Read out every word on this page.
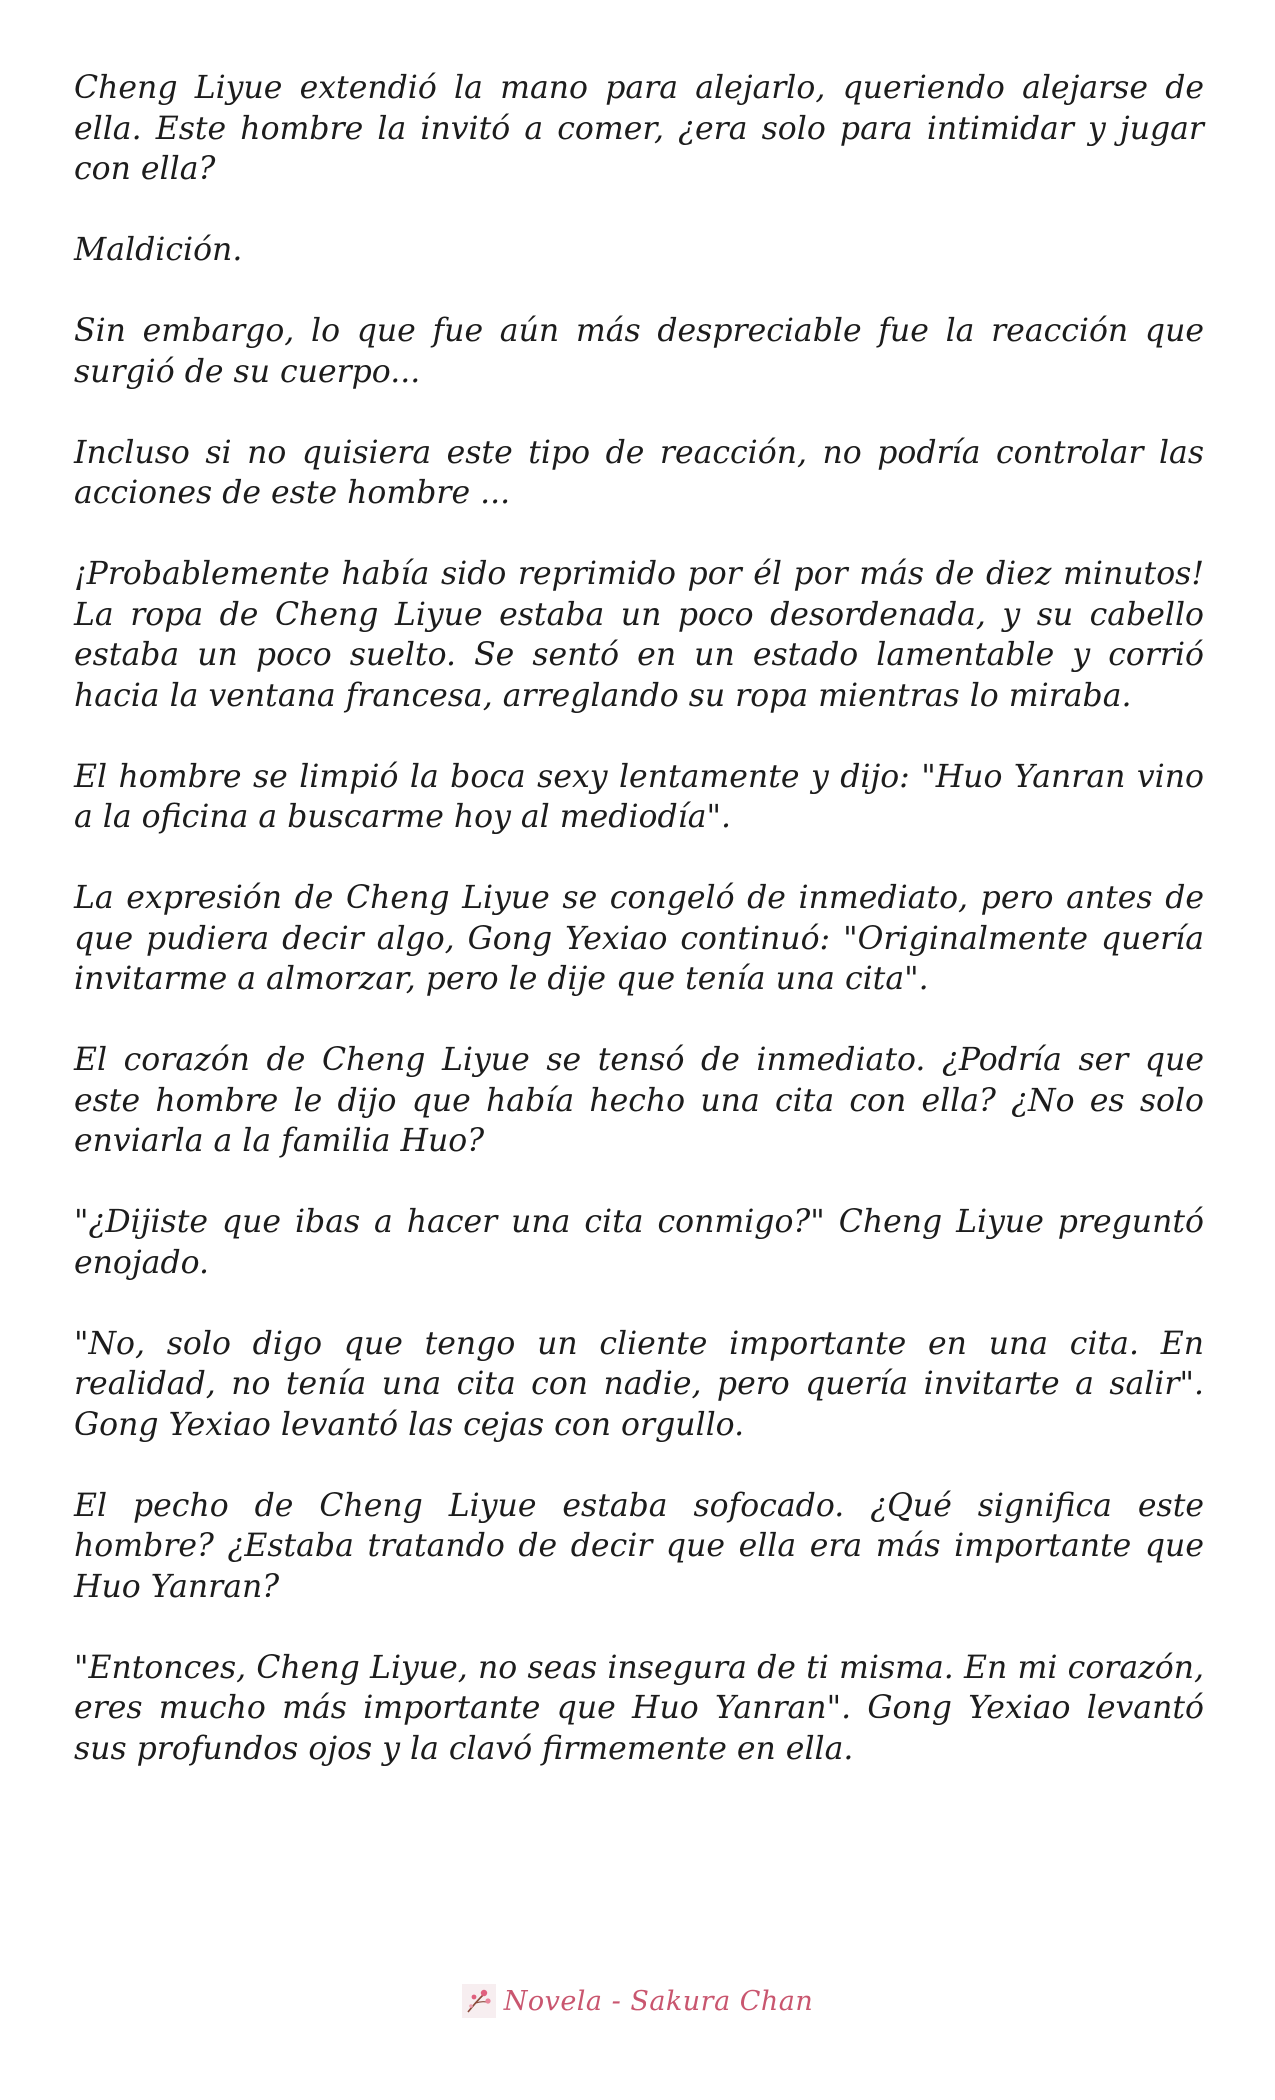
Cheng Liyue extendió la mano para alejarlo, queriendo alejarse de ella. Este hombre la invitó a comer, ¿era solo para intimidar y jugar con ella?

Maldición.

Sin embargo, lo que fue aún más despreciable fue la reacción que surgió de su cuerpo...

Incluso si no quisiera este tipo de reacción, no podría controlar las acciones de este hombre ...

¡Probablemente había sido reprimido por él por más de diez minutos! La ropa de Cheng Liyue estaba un poco desordenada, y su cabello estaba un poco suelto. Se sentó en un estado lamentable y corrió hacia la ventana francesa, arreglando su ropa mientras lo miraba.

El hombre se limpió la boca sexy lentamente y dijo: "Huo Yanran vino a la oficina a buscarme hoy al mediodía".

La expresión de Cheng Liyue se congeló de inmediato, pero antes de que pudiera decir algo, Gong Yexiao continuó: "Originalmente quería invitarme a almorzar, pero le dije que tenía una cita".

El corazón de Cheng Liyue se tensó de inmediato. ¿Podría ser que este hombre le dijo que había hecho una cita con ella? ¿No es solo enviarla a la familia Huo?

"¿Dijiste que ibas a hacer una cita conmigo?" Cheng Liyue preguntó enojado.

"No, solo digo que tengo un cliente importante en una cita. En realidad, no tenía una cita con nadie, pero quería invitarte a salir". Gong Yexiao levantó las cejas con orgullo.

El pecho de Cheng Liyue estaba sofocado. ¿Qué significa este hombre? ¿Estaba tratando de decir que ella era más importante que Huo Yanran?

"Entonces, Cheng Liyue, no seas insegura de ti misma. En mi corazón, eres mucho más importante que Huo Yanran". Gong Yexiao levantó sus profundos ojos y la clavó firmemente en ella.

Novela - Sakura Chan
